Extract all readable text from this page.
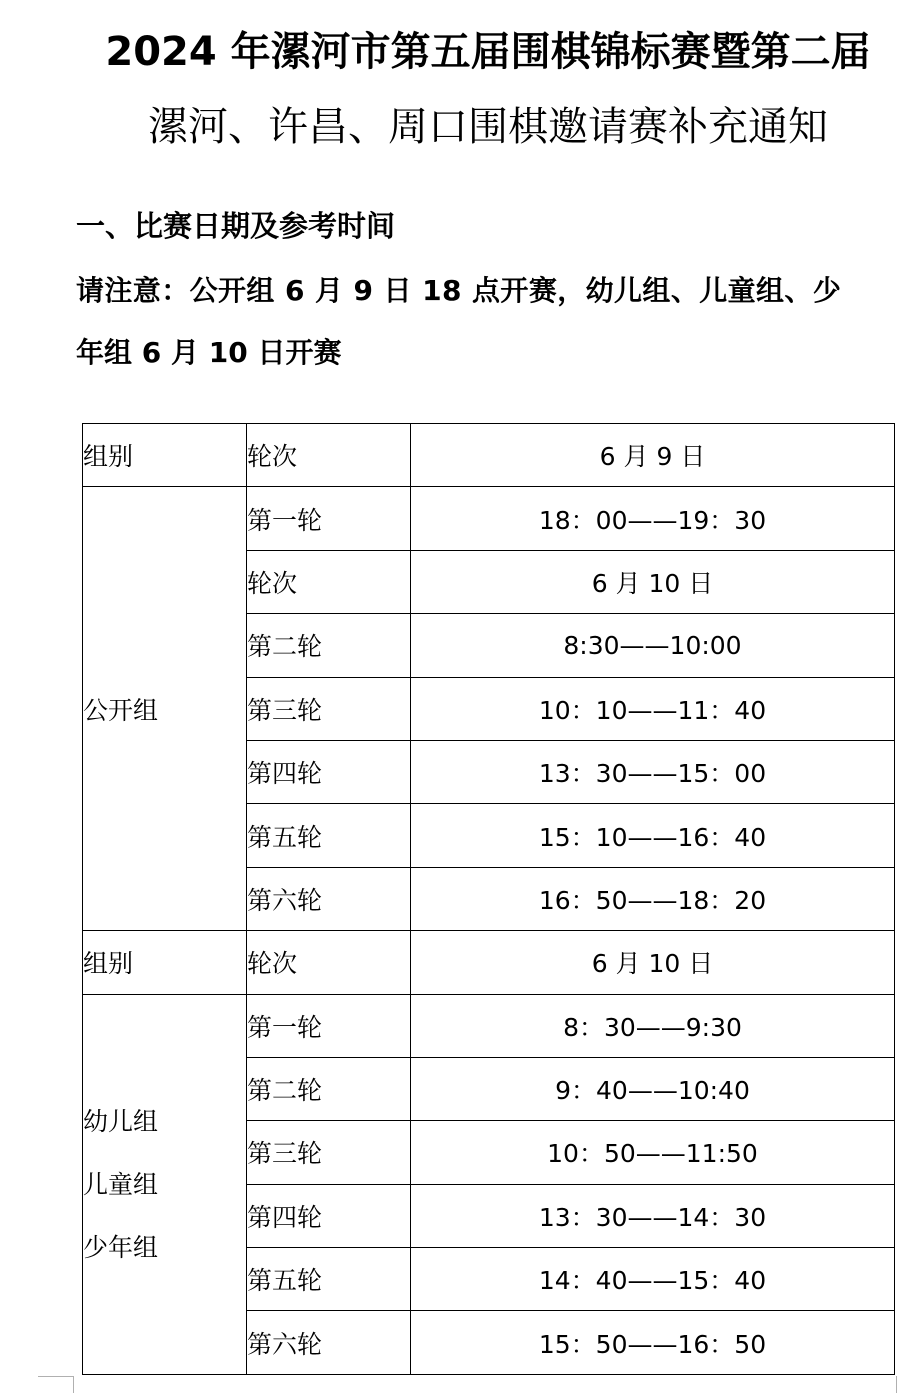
2024 年漯河市第五届围棋锦标赛暨第二届
漯河、许昌、周口围棋邀请赛补充通知

一、比赛日期及参考时间

请注意：公开组 6 月 9 日 18 点开赛，幼儿组、儿童组、少

年组 6 月 10 日开赛

组别	轮次	6 月 9 日
公开组	第一轮	18：00——19：30
	轮次	6 月 10 日
	第二轮	8:30——10:00
	第三轮	10：10——11：40
	第四轮	13：30——15：00
	第五轮	15：10——16：40
	第六轮	16：50——18：20
组别	轮次	6 月 10 日

幼儿组
儿童组
少年组	第一轮	8：30——9:30
	第二轮	9：40——10:40
	第三轮	10：50——11:50
	第四轮	13：30——14：30
	第五轮	14：40——15：40
	第六轮	15：50——16：50
